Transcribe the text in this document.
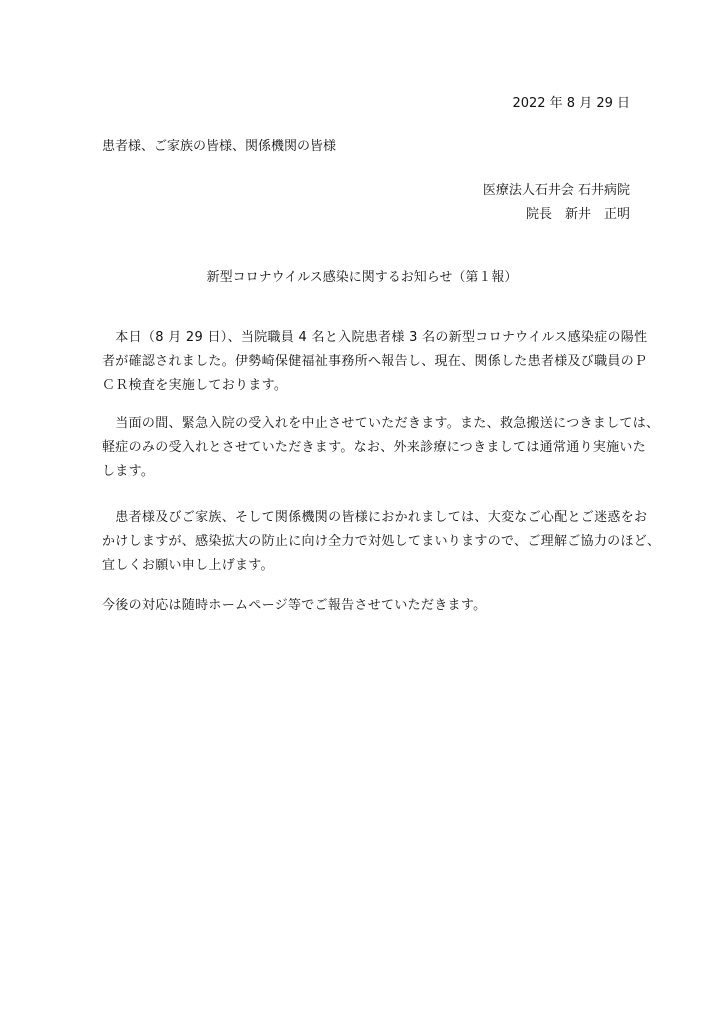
2022 年 8 月 29 日
患者様、ご家族の皆様、関係機関の皆様
医療法人石井会 石井病院
院長　新井　正明
新型コロナウイルス感染に関するお知らせ（第１報）
　本日（8 月 29 日）、当院職員 4 名と入院患者様 3 名の新型コロナウイルス感染症の陽性
者が確認されました。伊勢崎保健福祉事務所へ報告し、現在、関係した患者様及び職員のＰ
ＣＲ検査を実施しております。
　当面の間、緊急入院の受入れを中止させていただきます。また、救急搬送につきましては、
軽症のみの受入れとさせていただきます。なお、外来診療につきましては通常通り実施いた
します。
　患者様及びご家族、そして関係機関の皆様におかれましては、大変なご心配とご迷惑をお
かけしますが、感染拡大の防止に向け全力で対処してまいりますので、ご理解ご協力のほど、
宜しくお願い申し上げます。
今後の対応は随時ホームページ等でご報告させていただきます。
